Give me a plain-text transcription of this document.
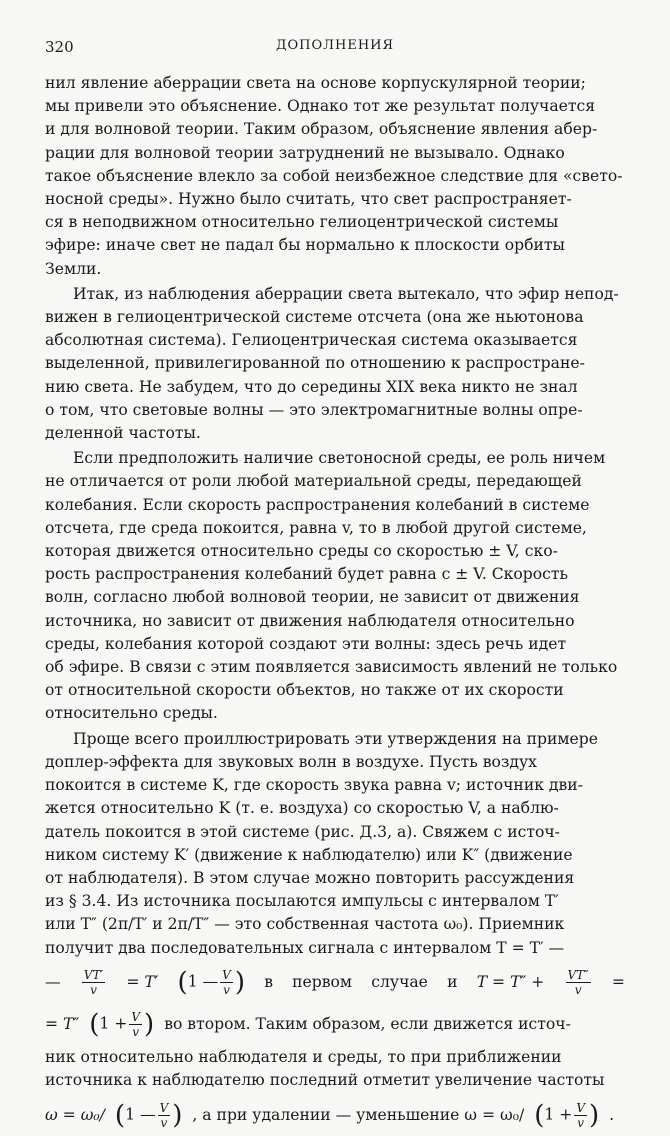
320	ДОПОЛНЕНИЯ
нил явление аберрации света на основе корпускулярной теории;
мы привели это объяснение. Однако тот же результат получается
и для волновой теории. Таким образом, объяснение явления абер-
рации для волновой теории затруднений не вызывало. Однако
такое объяснение влекло за собой неизбежное следствие для «свето-
носной среды». Нужно было считать, что свет распространяет-
ся в неподвижном относительно гелиоцентрической системы
эфире: иначе свет не падал бы нормально к плоскости орбиты
Земли.
Итак, из наблюдения аберрации света вытекало, что эфир непод-
вижен в гелиоцентрической системе отсчета (она же ньютонова
абсолютная система). Гелиоцентрическая система оказывается
выделенной, привилегированной по отношению к распростране-
нию света. Не забудем, что до середины XIX века никто не знал
о том, что световые волны — это электромагнитные волны опре-
деленной частоты.
Если предположить наличие светоносной среды, ее роль ничем
не отличается от роли любой материальной среды, передающей
колебания. Если скорость распространения колебаний в системе
отсчета, где среда покоится, равна v, то в любой другой системе,
которая движется относительно среды со скоростью ± V, ско-
рость распространения колебаний будет равна c ± V. Скорость
волн, согласно любой волновой теории, не зависит от движения
источника, но зависит от движения наблюдателя относительно
среды, колебания которой создают эти волны: здесь речь идет
об эфире. В связи с этим появляется зависимость явлений не только
от относительной скорости объектов, но также от их скорости
относительно среды.
Проще всего проиллюстрировать эти утверждения на примере
доплер-эффекта для звуковых волн в воздухе. Пусть воздух
покоится в системе K, где скорость звука равна v; источник дви-
жется относительно K (т. е. воздуха) со скоростью V, а наблю-
датель покоится в этой системе (рис. Д.3, а). Свяжем с источ-
ником систему K′ (движение к наблюдателю) или K″ (движение
от наблюдателя). В этом случае можно повторить рассуждения
из § 3.4. Из источника посылаются импульсы с интервалом T′
или T″ (2π/T′ и 2π/T″ — это собственная частота ω₀). Приемник
получит два последовательных сигнала с интервалом T = T′ —
— $\frac{VT'}{v} = T'$ (1 — $\frac{V}{v}$ ) в первом случае и $T = T'' + \frac{VT''}{v}$ =
= T″ ($1 + \frac{V}{v}$ ) во втором. Таким образом, если движется источ-
ник относительно наблюдателя и среды, то при приближении
источника к наблюдателю последний отметит увеличение частоты
ω = ω₀/ (1 — $\frac{V}{v}$ ) , а при удалении — уменьшение ω = ω₀/ ($1 + \frac{V}{v}$ ) .
